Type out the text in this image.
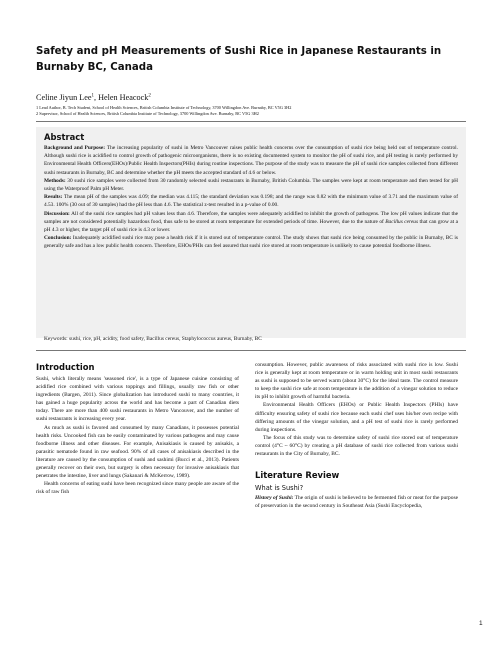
Safety and pH Measurements of Sushi Rice in Japanese Restaurants in Burnaby BC, Canada
Celine Jiyun Lee$^1$, Helen Heacock$^2$
1 Lead Author, B. Tech Student, School of Health Sciences, British Columbia Institute of Technology, 3700 Willingdon Ave. Burnaby, BC V5G 3H2
2 Supervisor, School of Health Sciences, British Columbia Institute of Technology, 3700 Willingdon Ave. Burnaby, BC V5G 3H2
Abstract
Background and Purpose: The increasing popularity of sushi in Metro Vancouver raises public health concerns over the consumption of sushi rice being held out of temperature control. Although sushi rice is acidified to control growth of pathogenic microorganisms, there is no existing documented system to monitor the pH of sushi rice, and pH testing is rarely performed by Environmental Health Officers(EHOs)/Public Health Inspectors(PHIs) during routine inspections. The purpose of the study was to measure the pH of sushi rice samples collected from different sushi restaurants in Burnaby, BC and determine whether the pH meets the accepted standard of 4.6 or below.
Methods: 30 sushi rice samples were collected from 30 randomly selected sushi restaurants in Burnaby, British Columbia. The samples were kept at room temperature and then tested for pH using the Waterproof Palm pH Meter.
Results: The mean pH of the samples was 4.09; the median was 4.115; the standard deviation was 0.198; and the range was 0.82 with the minimum value of 3.71 and the maximum value of 4.53. 100% (30 out of 30 samples) had the pH less than 4.6. The statistical z-test resulted in a p-value of 0.00.
Discussion: All of the sushi rice samples had pH values less than 4.6. Therefore, the samples were adequately acidified to inhibit the growth of pathogens. The low pH values indicate that the samples are not considered potentially hazardous food, thus safe to be stored at room temperature for extended periods of time. However, due to the nature of Bacillus cereus that can grow at a pH 4.3 or higher, the target pH of sushi rice is 4.3 or lower.
Conclusion: Inadequately acidified sushi rice may pose a health risk if it is stored out of temperature control. The study shows that sushi rice being consumed by the public in Burnaby, BC is generally safe and has a low public health concern. Therefore, EHOs/PHIs can feel assured that sushi rice stored at room temperature is unlikely to cause potential foodborne illness.
Keywords: sushi, rice, pH, acidity, food safety, Bacillus cereus, Staphylococcus aureus, Burnaby, BC
Introduction

Sushi, which literally means 'seasoned rice', is a type of Japanese cuisine consisting of acidified rice combined with various toppings and fillings, usually raw fish or other ingredients (Bargen, 2011). Since globalization has introduced sushi to many countries, it has gained a huge popularity across the world and has become a part of Canadian diets today. There are more than 400 sushi restaurants in Metro Vancouver, and the number of sushi restaurants is increasing every year.

As much as sushi is favored and consumed by many Canadians, it possesses potential health risks. Uncooked fish can be easily contaminated by various pathogens and may cause foodborne illness and other diseases. For example, Anisakiasis is caused by anisakis, a parasitic nematode found in raw seafood. 90% of all cases of anisakiasis described in the literature are caused by the consumption of sushi and sashimi (Bucci et al., 2013). Patients generally recover on their own, but surgery is often necessary for invasive anisakiasis that penetrates the intestine, liver and lungs (Sakanari & McKerrow, 1989).

Health concerns of eating sushi have been recognized since many people are aware of the risk of raw fish

consumption. However, public awareness of risks associated with sushi rice is low. Sushi rice is generally kept at room temperature or in warm holding unit in most sushi restaurants as sushi is supposed to be served warm (about 30°C) for the ideal taste. The control measure to keep the sushi rice safe at room temperature is the addition of a vinegar solution to reduce its pH to inhibit growth of harmful bacteria.

Environmental Health Officers (EHOs) or Public Health Inspectors (PHIs) have difficulty ensuring safety of sushi rice because each sushi chef uses his/her own recipe with differing amounts of the vinegar solution, and a pH test of sushi rice is rarely performed during inspections.

The focus of this study was to determine safety of sushi rice stored out of temperature control (4°C ~ 60°C) by creating a pH database of sushi rice collected from various sushi restaurants in the City of Burnaby, BC.

Literature Review
What is Sushi?

History of Sushi: The origin of sushi is believed to be fermented fish or meat for the purpose of preservation in the second century in Southeast Asia (Sushi Encyclopedia,

1
